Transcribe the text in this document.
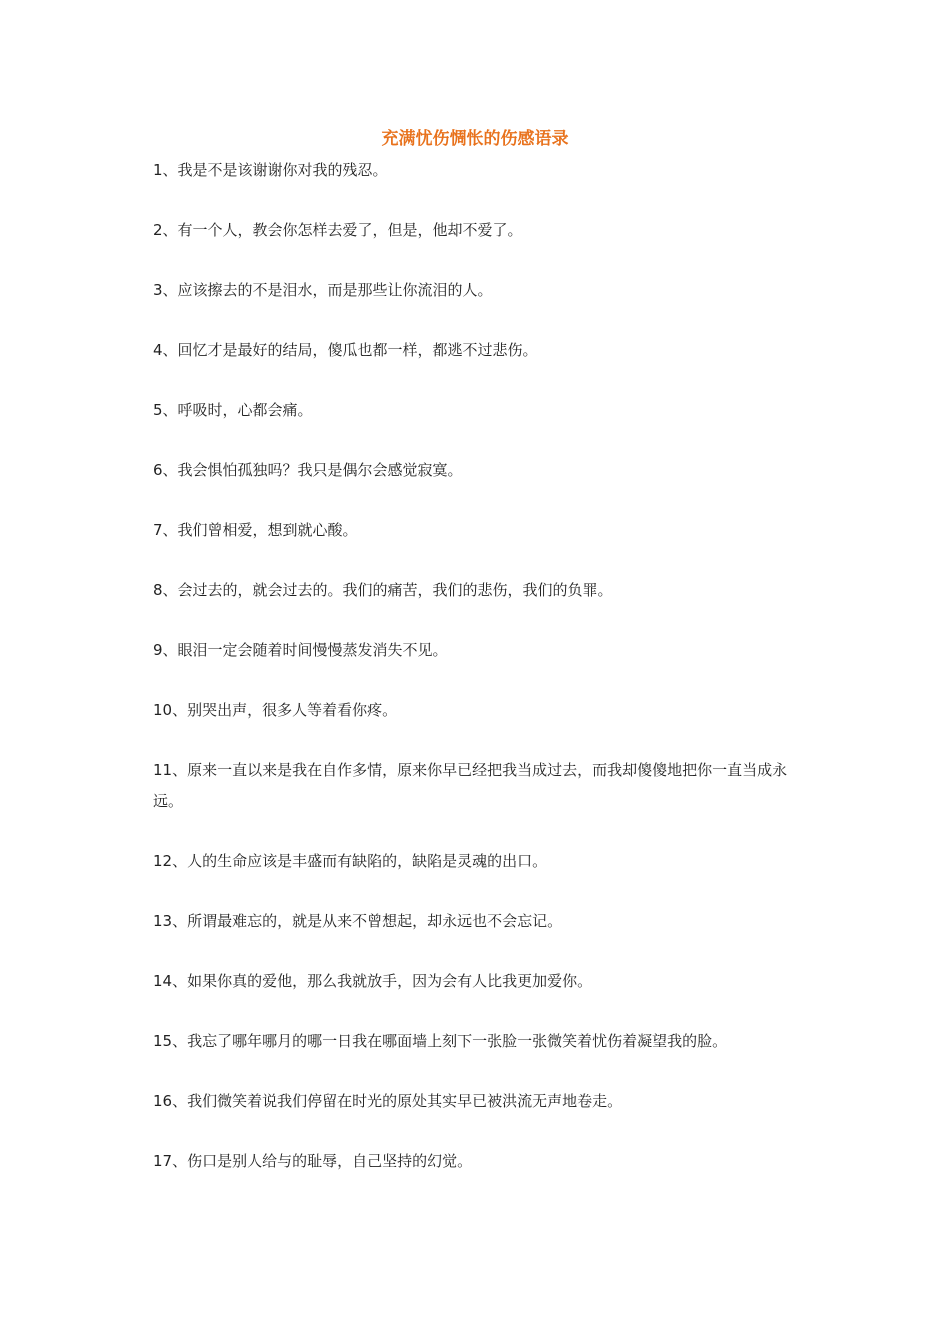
充满忧伤惆怅的伤感语录
1、我是不是该谢谢你对我的残忍。
2、有一个人，教会你怎样去爱了，但是，他却不爱了。
3、应该擦去的不是泪水，而是那些让你流泪的人。
4、回忆才是最好的结局，傻瓜也都一样，都逃不过悲伤。
5、呼吸时，心都会痛。
6、我会惧怕孤独吗？我只是偶尔会感觉寂寞。
7、我们曾相爱，想到就心酸。
8、会过去的，就会过去的。我们的痛苦，我们的悲伤，我们的负罪。
9、眼泪一定会随着时间慢慢蒸发消失不见。
10、别哭出声，很多人等着看你疼。
11、原来一直以来是我在自作多情，原来你早已经把我当成过去，而我却傻傻地把你一直当成永远。
12、人的生命应该是丰盛而有缺陷的，缺陷是灵魂的出口。
13、所谓最难忘的，就是从来不曾想起，却永远也不会忘记。
14、如果你真的爱他，那么我就放手，因为会有人比我更加爱你。
15、我忘了哪年哪月的哪一日我在哪面墙上刻下一张脸一张微笑着忧伤着凝望我的脸。
16、我们微笑着说我们停留在时光的原处其实早已被洪流无声地卷走。
17、伤口是别人给与的耻辱，自己坚持的幻觉。
